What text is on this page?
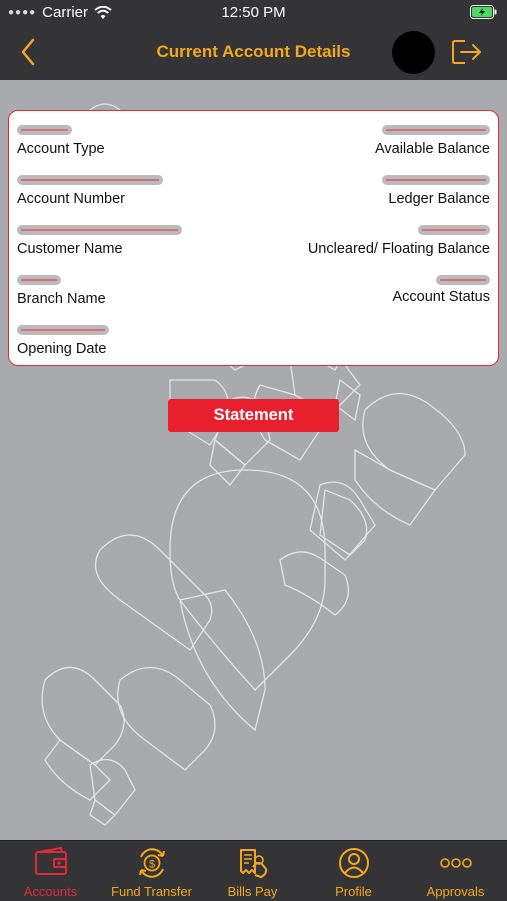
●●●● Carrier	12:50 PM
Current Account Details
Account Type	Available Balance
Account Number	Ledger Balance
Customer Name	Uncleared/ Floating Balance
Branch Name	Account Status
Opening Date
Statement
Accounts
$
Fund Transfer	Bills Pay	Profile	Approvals
